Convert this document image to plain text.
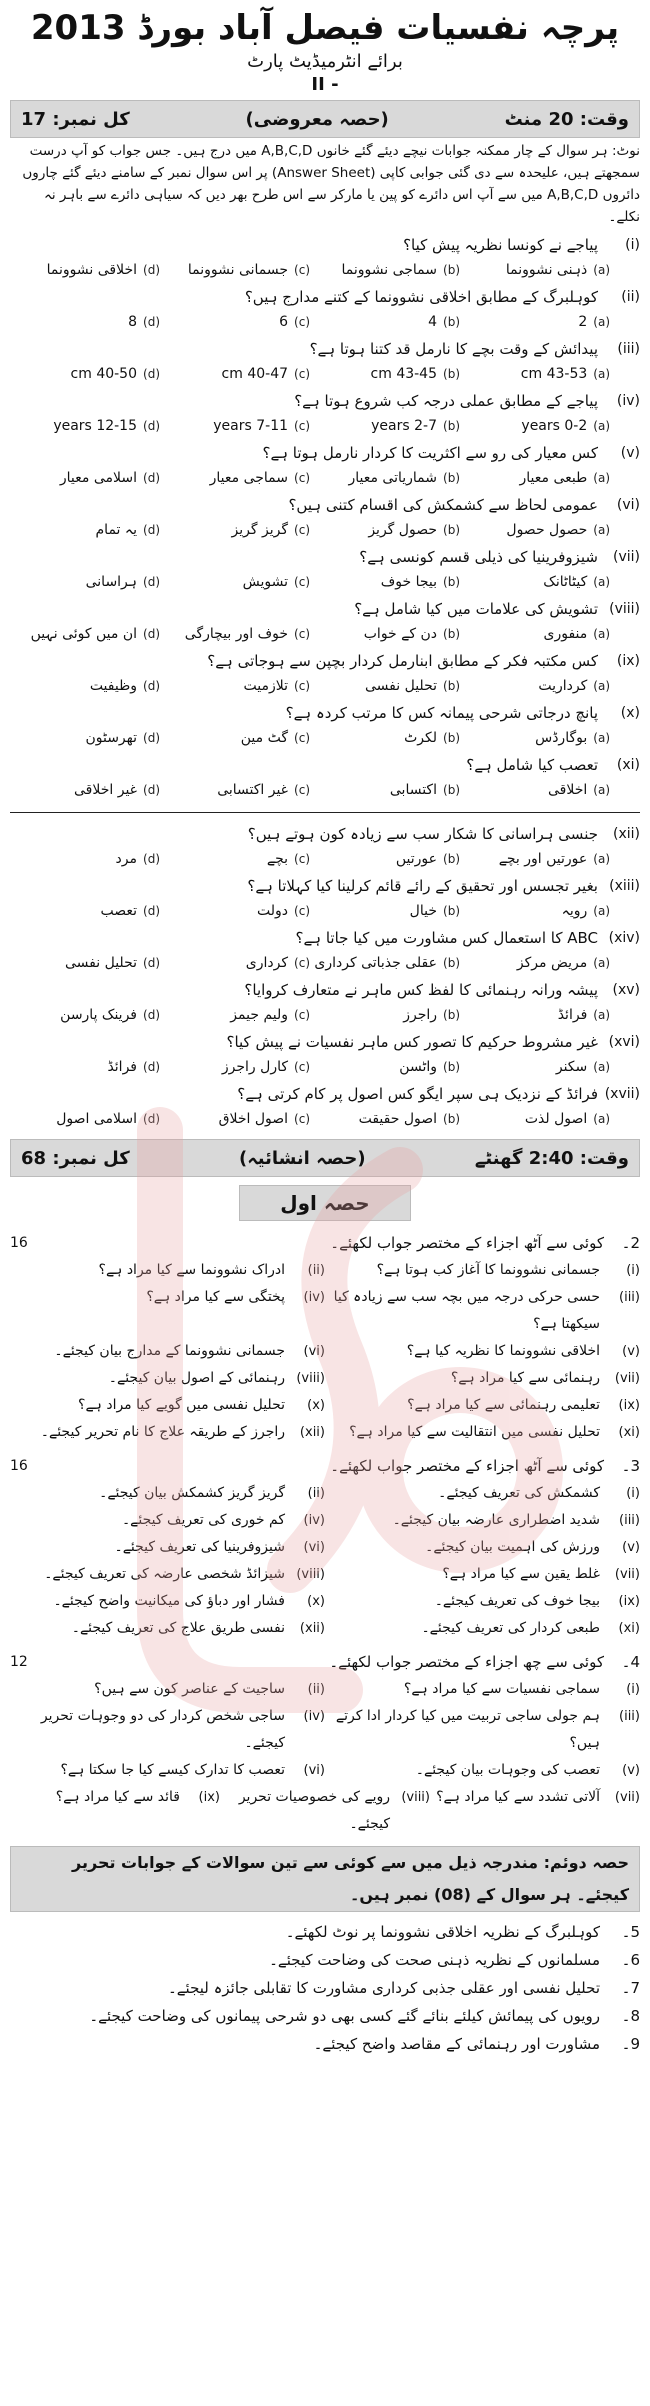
پرچہ نفسیات فیصل آباد بورڈ 2013
برائے انٹرمیڈیٹ پارٹ
II -
وقت: 20 منٹ
(حصہ معروضی)
کل نمبر: 17
نوٹ: ہر سوال کے چار ممکنہ جوابات نیچے دیئے گئے خانوں A,B,C,D میں درج ہیں۔ جس جواب کو آپ درست سمجھتے ہیں، علیحدہ سے دی گئی جوابی کاپی (Answer Sheet) پر اس سوال نمبر کے سامنے دیئے گئے چاروں دائروں A,B,C,D میں سے آپ اس دائرے کو پین یا مارکر سے اس طرح بھر دیں کہ سیاہی دائرے سے باہر نہ نکلے۔
(i)
پیاجے نے کونسا نظریہ پیش کیا؟
(a)
ذہنی نشوونما
(b)
سماجی نشوونما
(c)
جسمانی نشوونما
(d)
اخلاقی نشوونما
(ii)
کوہلبرگ کے مطابق اخلاقی نشوونما کے کتنے مدارج ہیں؟
(a)
2
(b)
4
(c)
6
(d)
8
(iii)
پیدائش کے وقت بچے کا نارمل قد کتنا ہوتا ہے؟
(a)
43-53 cm
(b)
43-45 cm
(c)
40-47 cm
(d)
40-50 cm
(iv)
پیاجے کے مطابق عملی درجہ کب شروع ہوتا ہے؟
(a)
0-2 years
(b)
2-7 years
(c)
7-11 years
(d)
12-15 years
(v)
کس معیار کی رو سے اکثریت کا کردار نارمل ہوتا ہے؟
(a)
طبعی معیار
(b)
شماریاتی معیار
(c)
سماجی معیار
(d)
اسلامی معیار
(vi)
عمومی لحاظ سے کشمکش کی اقسام کتنی ہیں؟
(a)
حصول حصول
(b)
حصول گریز
(c)
گریز گریز
(d)
یہ تمام
(vii)
شیزوفرینیا کی ذیلی قسم کونسی ہے؟
(a)
کیٹاٹانک
(b)
بیجا خوف
(c)
تشویش
(d)
ہراسانی
(viii)
تشویش کی علامات میں کیا شامل ہے؟
(a)
منفوری
(b)
دن کے خواب
(c)
خوف اور بیچارگی
(d)
ان میں کوئی نہیں
(ix)
کس مکتبہ فکر کے مطابق ابنارمل کردار بچپن سے ہوجاتی ہے؟
(a)
کرداریت
(b)
تحلیل نفسی
(c)
تلازمیت
(d)
وظیفیت
(x)
پانچ درجاتی شرحی پیمانہ کس کا مرتب کردہ ہے؟
(a)
بوگارڈس
(b)
لکرٹ
(c)
گٹ مین
(d)
تھرسٹون
(xi)
تعصب کیا شامل ہے؟
(a)
اخلاقی
(b)
اکتسابی
(c)
غیر اکتسابی
(d)
غیر اخلاقی
(xii)
جنسی ہراسانی کا شکار سب سے زیادہ کون ہوتے ہیں؟
(a)
عورتیں اور بچے
(b)
عورتیں
(c)
بچے
(d)
مرد
(xiii)
بغیر تجسس اور تحقیق کے رائے قائم کرلینا کیا کہلاتا ہے؟
(a)
رویہ
(b)
خیال
(c)
دولت
(d)
تعصب
(xiv)
ABC کا استعمال کس مشاورت میں کیا جاتا ہے؟
(a)
مریض مرکز
(b)
عقلی جذباتی کرداری
(c)
کرداری
(d)
تحلیل نفسی
(xv)
پیشہ ورانہ رہنمائی کا لفظ کس ماہر نے متعارف کروایا؟
(a)
فرائڈ
(b)
راجرز
(c)
ولیم جیمز
(d)
فرینک پارسن
(xvi)
غیر مشروط حرکیم کا تصور کس ماہر نفسیات نے پیش کیا؟
(a)
سکنر
(b)
واٹسن
(c)
کارل راجرز
(d)
فرائڈ
(xvii)
فرائڈ کے نزدیک ہی سپر ایگو کس اصول پر کام کرتی ہے؟
(a)
اصول لذت
(b)
اصول حقیقت
(c)
اصول اخلاق
(d)
اسلامی اصول
وقت: 2:40 گھنٹے
(حصہ انشائیہ)
کل نمبر: 68
حصہ اول
2۔
کوئی سے آٹھ اجزاء کے مختصر جواب لکھئے۔
16
(i)
جسمانی نشوونما کا آغاز کب ہوتا ہے؟
(ii)
ادراک نشوونما سے کیا مراد ہے؟
(iii)
حسی حرکی درجہ میں بچہ سب سے زیادہ کیا سیکھتا ہے؟
(iv)
پختگی سے کیا مراد ہے؟
(v)
اخلاقی نشوونما کا نظریہ کیا ہے؟
(vi)
جسمانی نشوونما کے مدارج بیان کیجئے۔
(vii)
رہنمائی سے کیا مراد ہے؟
(viii)
رہنمائی کے اصول بیان کیجئے۔
(ix)
تعلیمی رہنمائی سے کیا مراد ہے؟
(x)
تحلیل نفسی میں گویے کیا مراد ہے؟
(xi)
تحلیل نفسی میں انتقالیت سے کیا مراد ہے؟
(xii)
راجرز کے طریقہ علاج کا نام تحریر کیجئے۔
3۔
کوئی سے آٹھ اجزاء کے مختصر جواب لکھئے۔
16
(i)
کشمکش کی تعریف کیجئے۔
(ii)
گریز گریز کشمکش بیان کیجئے۔
(iii)
شدید اضطراری عارضہ بیان کیجئے۔
(iv)
کم خوری کی تعریف کیجئے۔
(v)
ورزش کی اہمیت بیان کیجئے۔
(vi)
شیزوفرینیا کی تعریف کیجئے۔
(vii)
غلط یقین سے کیا مراد ہے؟
(viii)
شیزائڈ شخصی عارضہ کی تعریف کیجئے۔
(ix)
بیجا خوف کی تعریف کیجئے۔
(x)
فشار اور دباؤ کی میکانیت واضح کیجئے۔
(xi)
طبعی کردار کی تعریف کیجئے۔
(xii)
نفسی طریق علاج کی تعریف کیجئے۔
4۔
کوئی سے چھ اجزاء کے مختصر جواب لکھئے۔
12
(i)
سماجی نفسیات سے کیا مراد ہے؟
(ii)
ساجیت کے عناصر کون سے ہیں؟
(iii)
ہم جولی ساجی تربیت میں کیا کردار ادا کرتے ہیں؟
(iv)
ساجی شخص کردار کی دو وجوہات تحریر کیجئے۔
(v)
تعصب کی وجوہات بیان کیجئے۔
(vi)
تعصب کا تدارک کیسے کیا جا سکتا ہے؟
(vii)
آلاتی تشدد سے کیا مراد ہے؟
(viii)
رویے کی خصوصیات تحریر کیجئے۔
(ix)
قائد سے کیا مراد ہے؟
حصہ دوئم: مندرجہ ذیل میں سے کوئی سے تین سوالات کے جوابات تحریر کیجئے۔ ہر سوال کے (08) نمبر ہیں۔
5۔
کوہلبرگ کے نظریہ اخلاقی نشوونما پر نوٹ لکھئے۔
6۔
مسلمانوں کے نظریہ ذہنی صحت کی وضاحت کیجئے۔
7۔
تحلیل نفسی اور عقلی جذبی کرداری مشاورت کا تقابلی جائزہ لیجئے۔
8۔
رویوں کی پیمائش کیلئے بنائے گئے کسی بھی دو شرحی پیمانوں کی وضاحت کیجئے۔
9۔
مشاورت اور رہنمائی کے مقاصد واضح کیجئے۔
